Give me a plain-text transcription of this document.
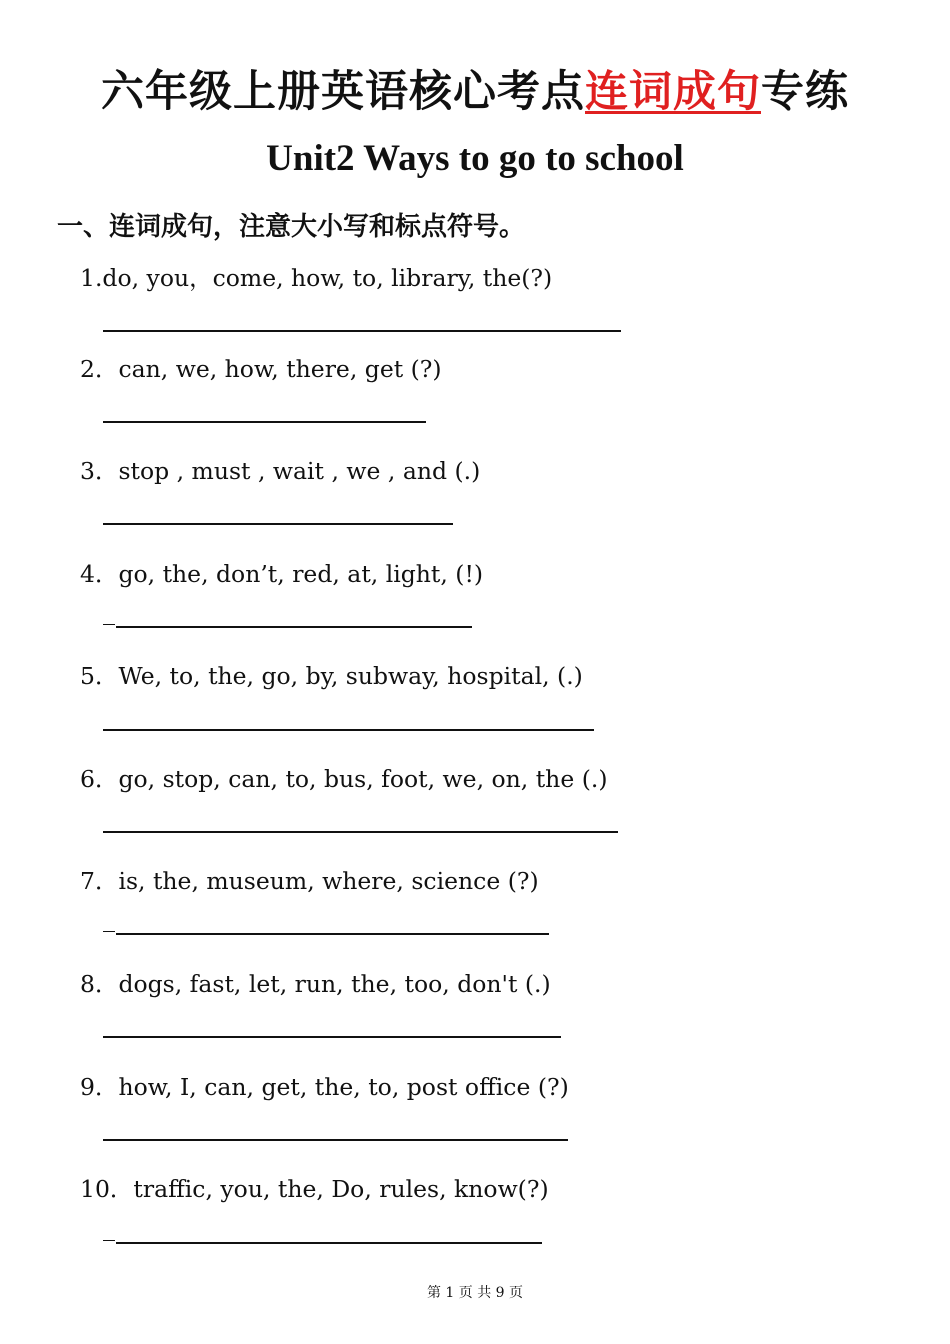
六年级上册英语核心考点连词成句专练
Unit2 Ways to go to school
一、连词成句，注意大小写和标点符号。
1.do, you，come, how, to, library, the(?)
2．can, we, how, there, get (?)
3．stop , must , wait , we , and (.)
4．go, the, don’t, red, at, light, (!)
5．We, to, the, go, by, subway, hospital, (.)
6．go, stop, can, to, bus, foot, we, on, the (.)
7．is, the, museum, where, science (?)
8．dogs, fast, let, run, the, too, don't (.)
9．how, I, can, get, the, to, post office (?)
10．traffic, you, the, Do, rules, know(?)
第 1 页 共 9 页
